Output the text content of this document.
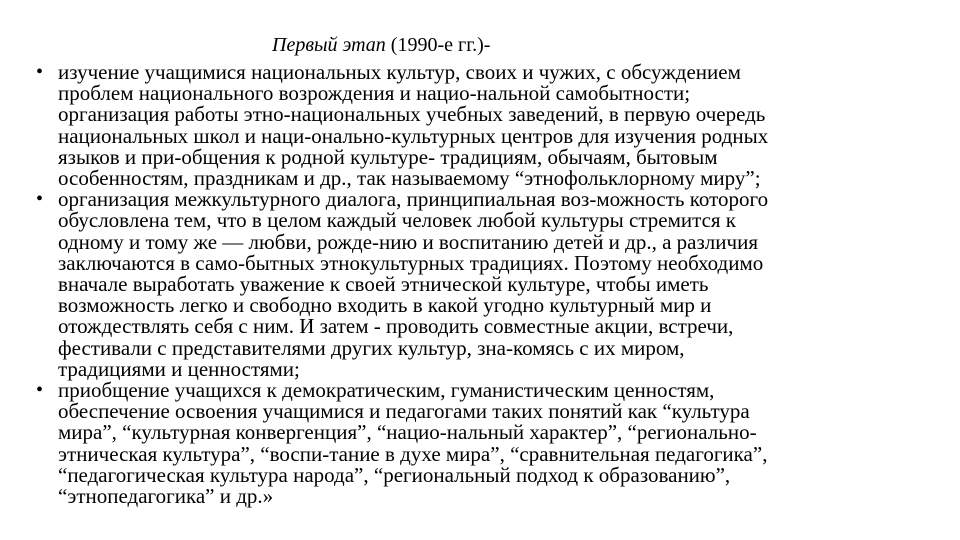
Первый этап (1990-е гг.)-
• изучение учащимися национальных культур, своих и чужих, с обсуждением
проблем национального возрождения и нацио-нальной самобытности;
организация работы этно-национальных учебных заведений, в первую очередь
национальных школ и наци-онально-культурных центров для изучения родных
языков и при-общения к родной культуре- традициям, обычаям, бытовым
особенностям, праздникам и др., так называемому “этнофольклорному миру”;
• организация межкультурного диалога, принципиальная воз-можность которого
обусловлена тем, что в целом каждый человек любой культуры стремится к
одному и тому же — любви, рожде-нию и воспитанию детей и др., а различия
заключаются в само-бытных этнокультурных традициях. Поэтому необходимо
вначале выработать уважение к своей этнической культуре, чтобы иметь
возможность легко и свободно входить в какой угодно культурный мир и
отождествлять себя с ним. И затем - проводить совместные акции, встречи,
фестивали с представителями других культур, зна-комясь с их миром,
традициями и ценностями;
• приобщение учащихся к демократическим, гуманистическим ценностям,
обеспечение освоения учащимися и педагогами таких понятий как “культура
мира”, “культурная конвергенция”, “нацио-нальный характер”, “регионально-
этническая культура”, “воспи-тание в духе мира”, “сравнительная педагогика”,
“педагогическая культура народа”, “региональный подход к образованию”,
“этнопедагогика” и др.»
